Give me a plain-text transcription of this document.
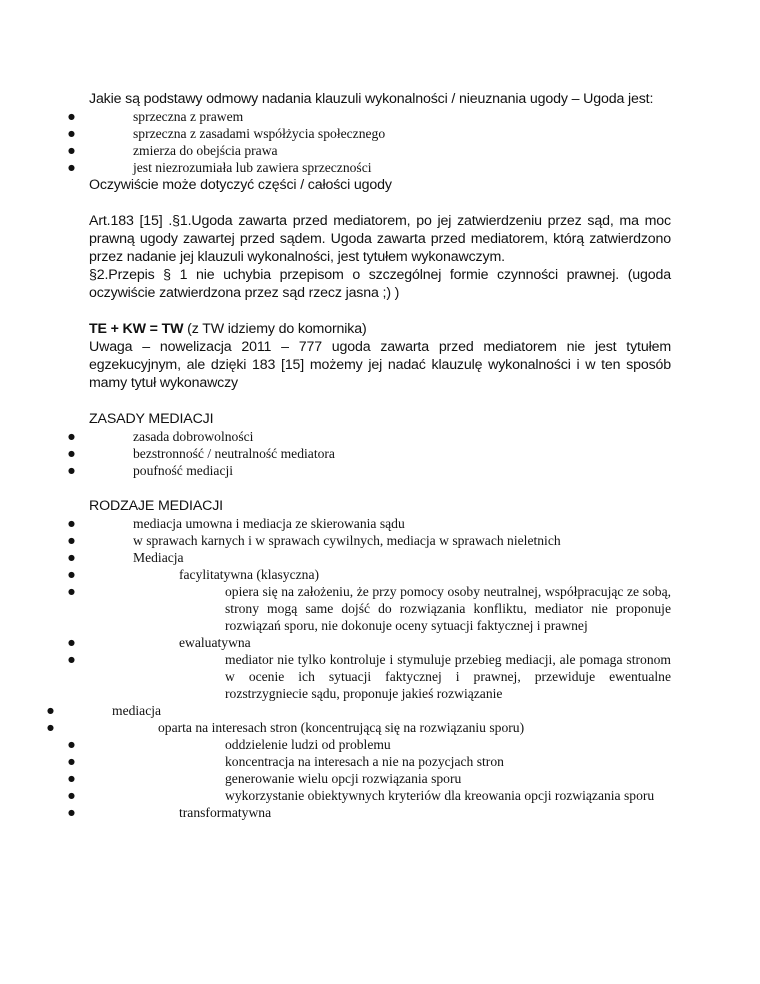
Jakie są podstawy odmowy nadania klauzuli wykonalności / nieuznania ugody – Ugoda jest:

● sprzeczna z prawem
● sprzeczna z zasadami współżycia społecznego
● zmierza do obejścia prawa
● jest niezrozumiała lub zawiera sprzeczności

Oczywiście może dotyczyć części / całości ugody

Art.183 [15] .§1.Ugoda zawarta przed mediatorem, po jej zatwierdzeniu przez sąd, ma moc prawną ugody zawartej przed sądem. Ugoda zawarta przed mediatorem, którą zatwierdzono przez nadanie jej klauzuli wykonalności, jest tytułem wykonawczym.

§2.Przepis § 1 nie uchybia przepisom o szczególnej formie czynności prawnej. (ugoda oczywiście zatwierdzona przez sąd rzecz jasna ;) )

TE + KW = TW (z TW idziemy do komornika)

Uwaga – nowelizacja 2011 – 777 ugoda zawarta przed mediatorem nie jest tytułem egzekucyjnym, ale dzięki 183 [15] możemy jej nadać klauzulę wykonalności i w ten sposób mamy tytuł wykonawczy

ZASADY MEDIACJI

● zasada dobrowolności
● bezstronność / neutralność mediatora
● poufność mediacji

RODZAJE MEDIACJI

● mediacja umowna i mediacja ze skierowania sądu
● w sprawach karnych i w sprawach cywilnych, mediacja w sprawach nieletnich
● Mediacja
● facylitatywna (klasyczna)
● opiera się na założeniu, że przy pomocy osoby neutralnej, współpracując ze sobą, strony mogą same dojść do rozwiązania konfliktu, mediator nie proponuje rozwiązań sporu, nie dokonuje oceny sytuacji faktycznej i prawnej
● ewaluatywna
● mediator nie tylko kontroluje i stymuluje przebieg mediacji, ale pomaga stronom w ocenie ich sytuacji faktycznej i prawnej, przewiduje ewentualne rozstrzygniecie sądu, proponuje jakieś rozwiązanie
● mediacja
● oparta na interesach stron (koncentrującą się na rozwiązaniu sporu)
● oddzielenie ludzi od problemu
● koncentracja na interesach a nie na pozycjach stron
● generowanie wielu opcji rozwiązania sporu
● wykorzystanie obiektywnych kryteriów dla kreowania opcji rozwiązania sporu
● transformatywna
